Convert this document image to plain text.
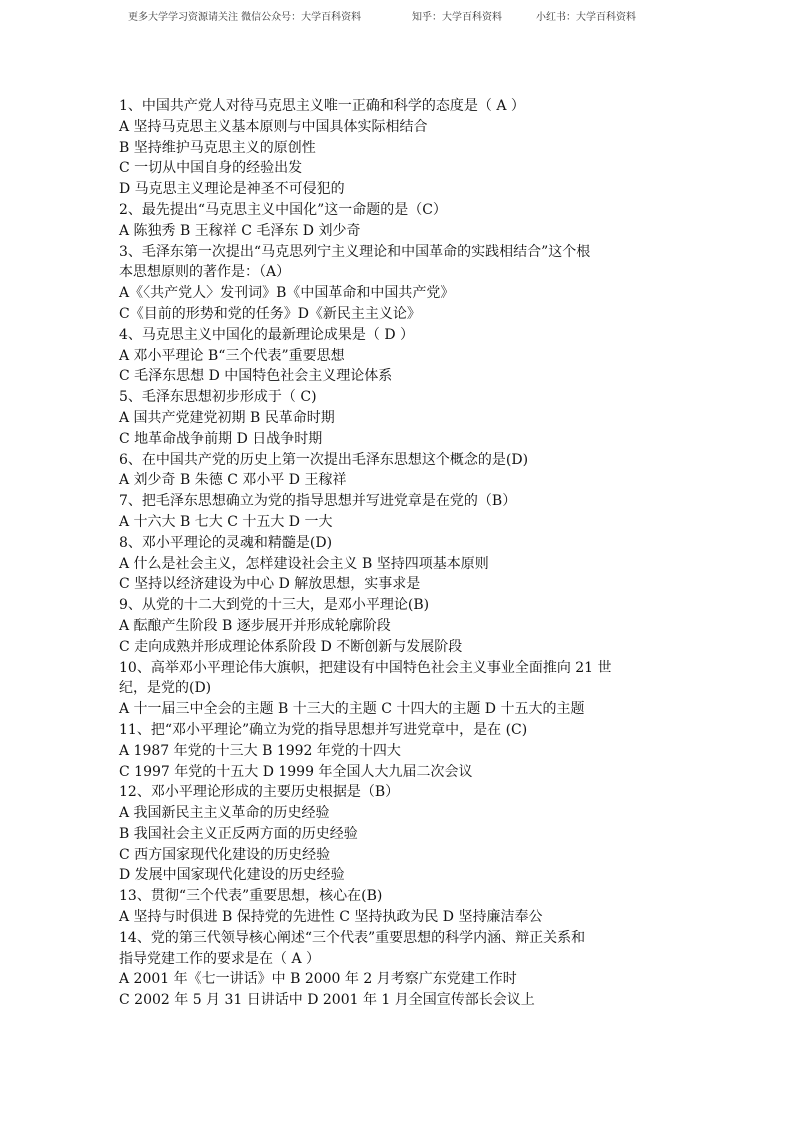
更多大学学习资源请关注 微信公众号：大学百科资料	知乎：大学百科资料	小红书：大学百科资料
1、中国共产党人对待马克思主义唯一正确和科学的态度是（ A ）
A 坚持马克思主义基本原则与中国具体实际相结合
B 坚持维护马克思主义的原创性
C 一切从中国自身的经验出发
D 马克思主义理论是神圣不可侵犯的
2、最先提出“马克思主义中国化”这一命题的是（C）
A 陈独秀 B 王稼祥 C 毛泽东 D 刘少奇
3、毛泽东第一次提出“马克思列宁主义理论和中国革命的实践相结合”这个根
本思想原则的著作是：（A）
A《〈共产党人〉发刊词》B《中国革命和中国共产党》
C《目前的形势和党的任务》D《新民主主义论》
4、马克思主义中国化的最新理论成果是（ D ）
A 邓小平理论 B“三个代表”重要思想
C 毛泽东思想 D 中国特色社会主义理论体系
5、毛泽东思想初步形成于（ C)
A 国共产党建党初期 B 民革命时期
C 地革命战争前期 D 日战争时期
6、在中国共产党的历史上第一次提出毛泽东思想这个概念的是(D)
A 刘少奇 B 朱德 C 邓小平 D 王稼祥
7、把毛泽东思想确立为党的指导思想并写进党章是在党的（B）
A 十六大 B 七大 C 十五大 D 一大
8、邓小平理论的灵魂和精髓是(D)
A 什么是社会主义，怎样建设社会主义 B 坚持四项基本原则
C 坚持以经济建设为中心 D 解放思想，实事求是
9、从党的十二大到党的十三大，是邓小平理论(B)
A 酝酿产生阶段 B 逐步展开并形成轮廓阶段
C 走向成熟并形成理论体系阶段 D 不断创新与发展阶段
10、高举邓小平理论伟大旗帜，把建设有中国特色社会主义事业全面推向 21 世
纪，是党的(D)
A 十一届三中全会的主题 B 十三大的主题 C 十四大的主题 D 十五大的主题
11、把“邓小平理论”确立为党的指导思想并写进党章中，是在 (C)
A 1987 年党的十三大 B 1992 年党的十四大
C 1997 年党的十五大 D 1999 年全国人大九届二次会议
12、邓小平理论形成的主要历史根据是（B）
A 我国新民主主义革命的历史经验
B 我国社会主义正反两方面的历史经验
C 西方国家现代化建设的历史经验
D 发展中国家现代化建设的历史经验
13、贯彻“三个代表”重要思想，核心在(B)
A 坚持与时俱进 B 保持党的先进性 C 坚持执政为民 D 坚持廉洁奉公
14、党的第三代领导核心阐述“三个代表”重要思想的科学内涵、辩正关系和
指导党建工作的要求是在（ A ）
A 2001 年《七一讲话》中 B 2000 年 2 月考察广东党建工作时
C 2002 年 5 月 31 日讲话中 D 2001 年 1 月全国宣传部长会议上
